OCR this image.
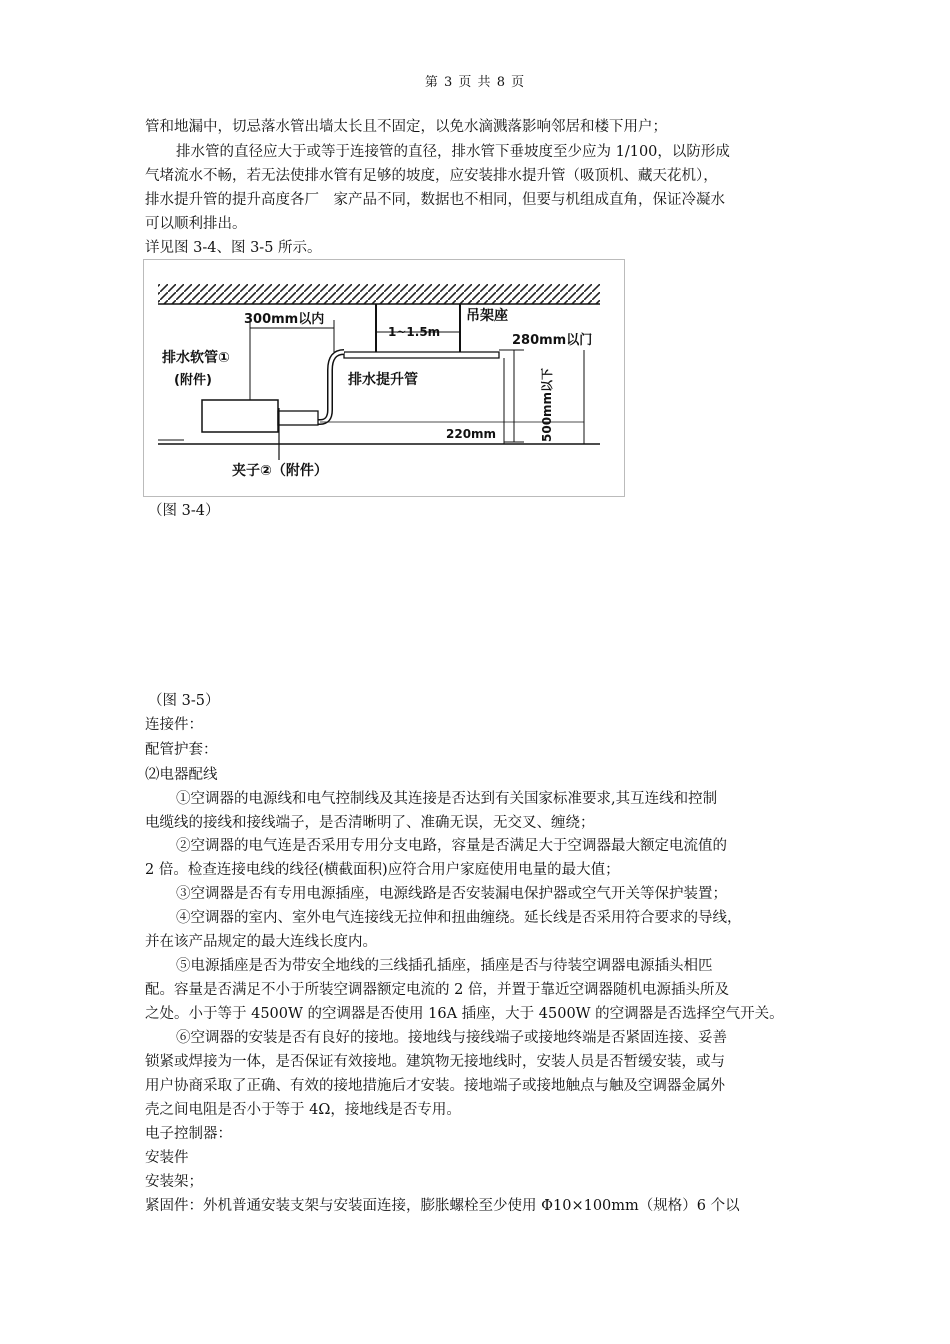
第 3 页 共 8 页
管和地漏中，切忌落水管出墙太长且不固定，以免水滴溅落影响邻居和楼下用户；
排水管的直径应大于或等于连接管的直径，排水管下垂坡度至少应为 1/100，以防形成
气堵流水不畅，若无法使排水管有足够的坡度，应安装排水提升管（吸顶机、藏天花机），
排水提升管的提升高度各厂　家产品不同，数据也不相同，但要与机组成直角，保证冷凝水
可以顺利排出。
详见图 3-4、图 3-5 所示。
300mm以内
1~1.5m
吊架座
280mm以门
排水软管①
(附件)	排水提升管	500mm以下
220mm
夹子②（附件）
（图 3-4）
（图 3-5）
连接件：
配管护套：
⑵电器配线
①空调器的电源线和电气控制线及其连接是否达到有关国家标准要求,其互连线和控制
电缆线的接线和接线端子，是否清晰明了、准确无误，无交叉、缠绕；
②空调器的电气连是否采用专用分支电路，容量是否满足大于空调器最大额定电流值的
2 倍。检查连接电线的线径(横截面积)应符合用户家庭使用电量的最大值；
③空调器是否有专用电源插座，电源线路是否安装漏电保护器或空气开关等保护装置；
④空调器的室内、室外电气连接线无拉伸和扭曲缠绕。延长线是否采用符合要求的导线，
并在该产品规定的最大连线长度内。
⑤电源插座是否为带安全地线的三线插孔插座，插座是否与待装空调器电源插头相匹
配。容量是否满足不小于所装空调器额定电流的 2 倍，并置于靠近空调器随机电源插头所及
之处。小于等于 4500W 的空调器是否使用 16A 插座，大于 4500W 的空调器是否选择空气开关。
⑥空调器的安装是否有良好的接地。接地线与接线端子或接地终端是否紧固连接、妥善
锁紧或焊接为一体，是否保证有效接地。建筑物无接地线时，安装人员是否暂缓安装，或与
用户协商采取了正确、有效的接地措施后才安装。接地端子或接地触点与触及空调器金属外
壳之间电阻是否小于等于 4Ω，接地线是否专用。
电子控制器：
安装件
安装架；
紧固件：外机普通安装支架与安装面连接，膨胀螺栓至少使用 Φ10×100mm（规格）6 个以
